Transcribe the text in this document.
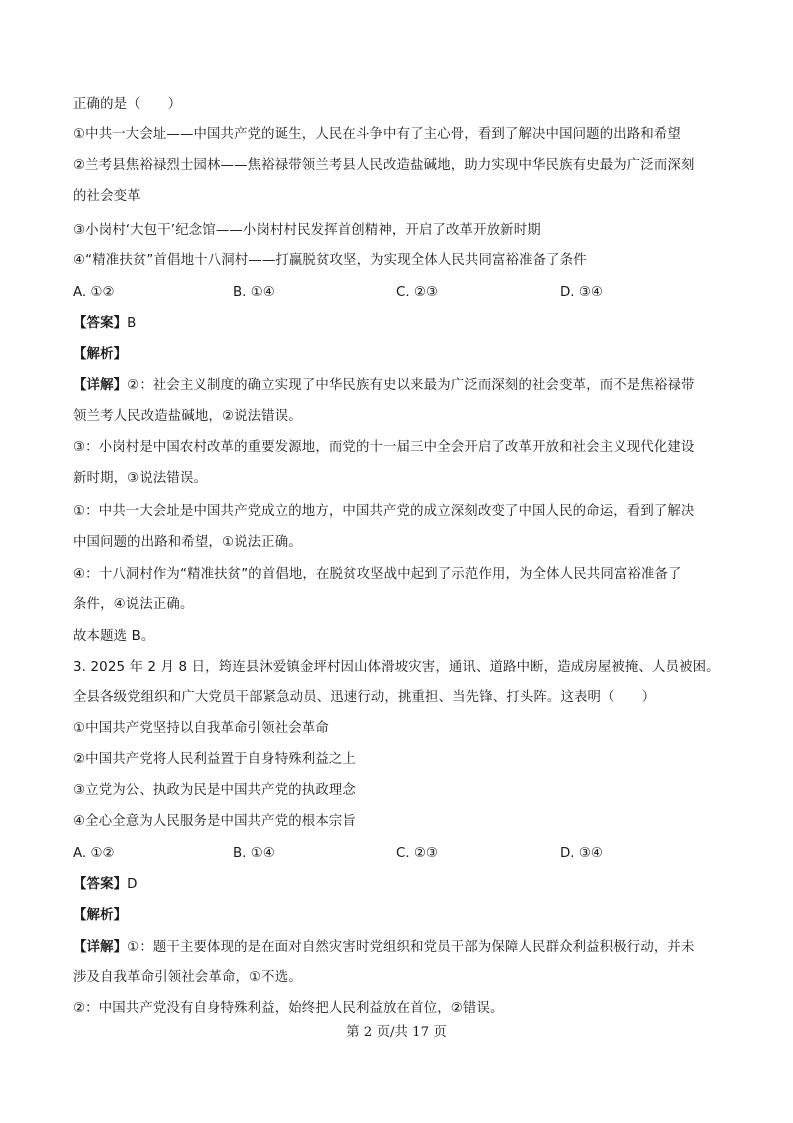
正确的是（　　）
①中共一大会址——中国共产党的诞生，人民在斗争中有了主心骨，看到了解决中国问题的出路和希望
②兰考县焦裕禄烈士园林——焦裕禄带领兰考县人民改造盐碱地，助力实现中华民族有史最为广泛而深刻
的社会变革
③小岗村‘大包干’纪念馆——小岗村村民发挥首创精神，开启了改革开放新时期
④“精准扶贫”首倡地十八洞村——打赢脱贫攻坚，为实现全体人民共同富裕准备了条件
A. ①②	B. ①④	C. ②③	D. ③④
【答案】B
【解析】
【详解】②：社会主义制度的确立实现了中华民族有史以来最为广泛而深刻的社会变革，而不是焦裕禄带
领兰考人民改造盐碱地，②说法错误。
③：小岗村是中国农村改革的重要发源地，而党的十一届三中全会开启了改革开放和社会主义现代化建设
新时期，③说法错误。
①：中共一大会址是中国共产党成立的地方，中国共产党的成立深刻改变了中国人民的命运，看到了解决
中国问题的出路和希望，①说法正确。
④：十八洞村作为“精准扶贫”的首倡地，在脱贫攻坚战中起到了示范作用，为全体人民共同富裕准备了
条件，④说法正确。
故本题选 B。
3. 2025 年 2 月 8 日，筠连县沐爱镇金坪村因山体滑坡灾害，通讯、道路中断，造成房屋被掩、人员被困。
全县各级党组织和广大党员干部紧急动员、迅速行动，挑重担、当先锋、打头阵。这表明（　　）
①中国共产党坚持以自我革命引领社会革命
②中国共产党将人民利益置于自身特殊利益之上
③立党为公、执政为民是中国共产党的执政理念
④全心全意为人民服务是中国共产党的根本宗旨
A. ①②	B. ①④	C. ②③	D. ③④
【答案】D
【解析】
【详解】①：题干主要体现的是在面对自然灾害时党组织和党员干部为保障人民群众利益积极行动，并未
涉及自我革命引领社会革命，①不选。
②：中国共产党没有自身特殊利益，始终把人民利益放在首位，②错误。
第 2 页/共 17 页
